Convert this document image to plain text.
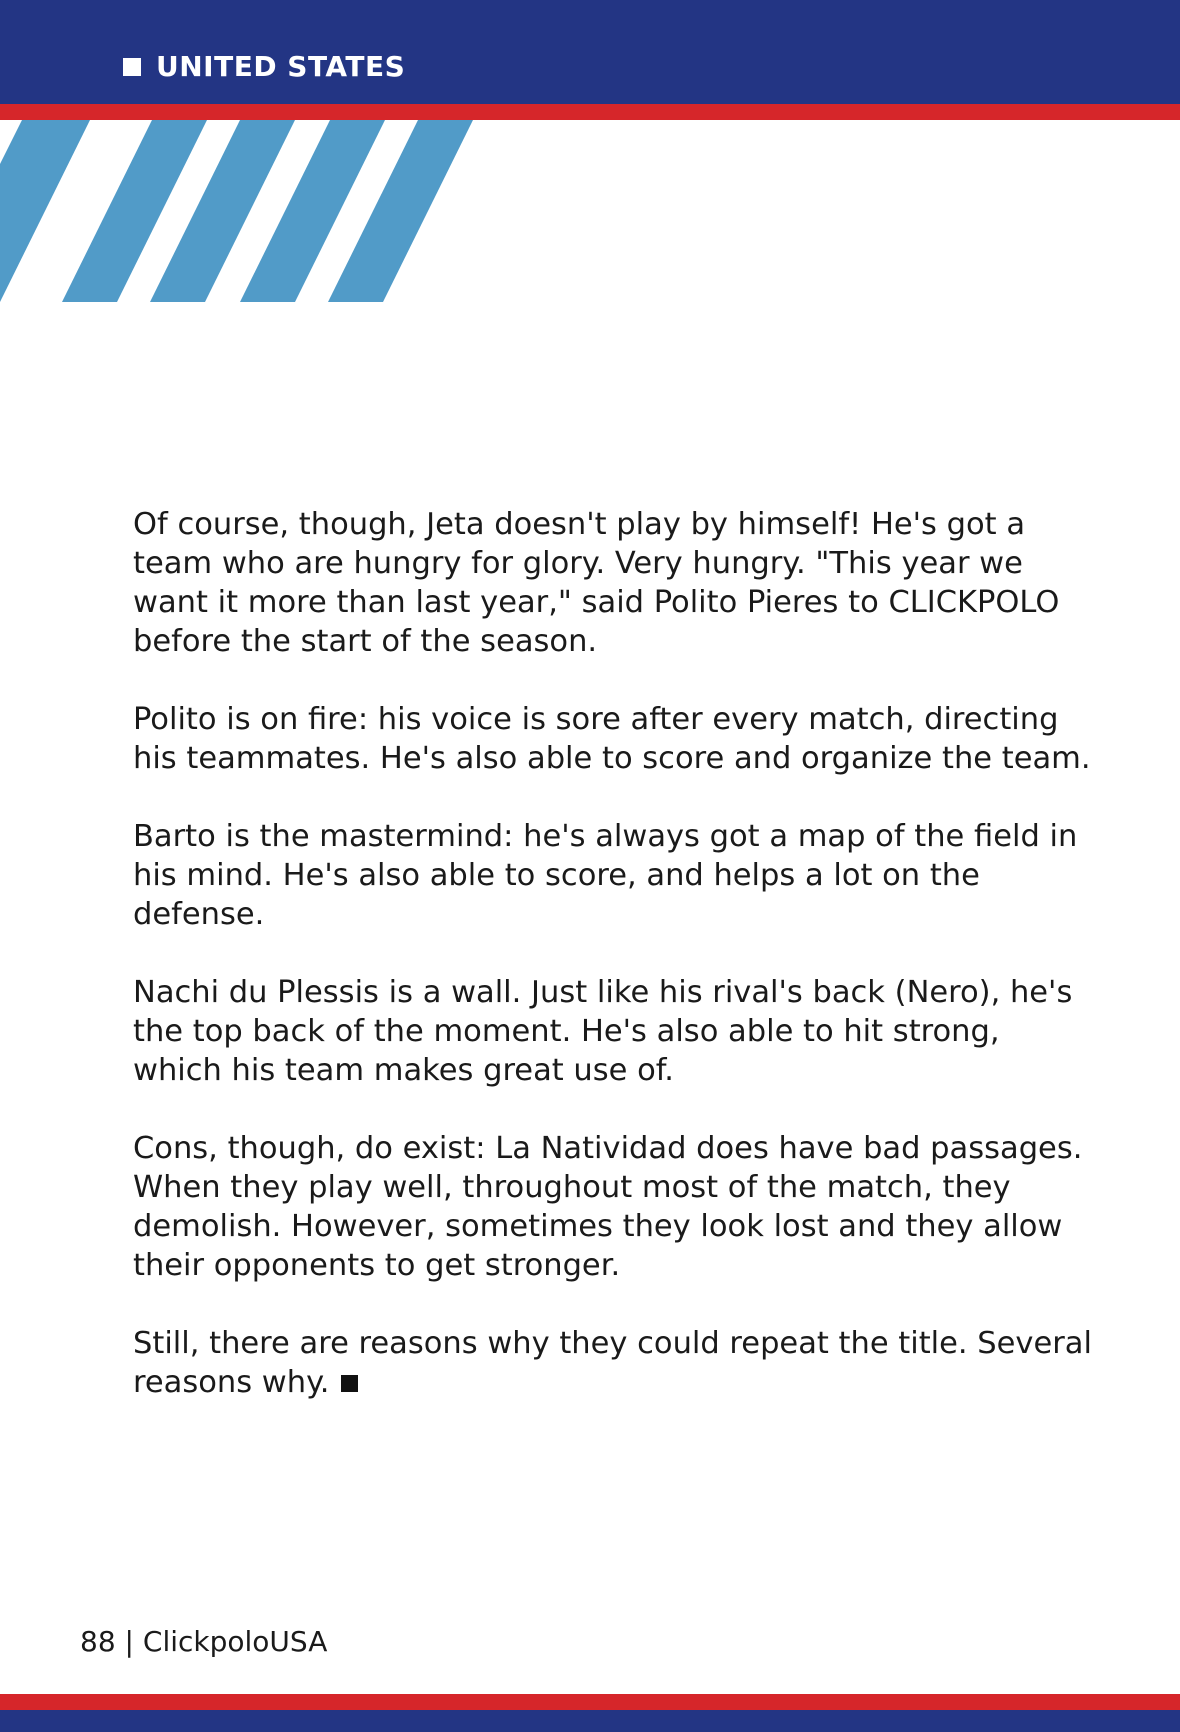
UNITED STATES

Of course, though, Jeta doesn't play by himself! He's got a team who are hungry for glory. Very hungry. "This year we want it more than last year," said Polito Pieres to CLICKPOLO before the start of the season.

Polito is on fire: his voice is sore after every match, directing his teammates. He's also able to score and organize the team.

Barto is the mastermind: he's always got a map of the field in his mind. He's also able to score, and helps a lot on the defense.

Nachi du Plessis is a wall. Just like his rival's back (Nero), he's the top back of the moment. He's also able to hit strong, which his team makes great use of.

Cons, though, do exist: La Natividad does have bad passages. When they play well, throughout most of the match, they demolish. However, sometimes they look lost and they allow their opponents to get stronger.

Still, there are reasons why they could repeat the title. Several reasons why.

88 | ClickpoloUSA
